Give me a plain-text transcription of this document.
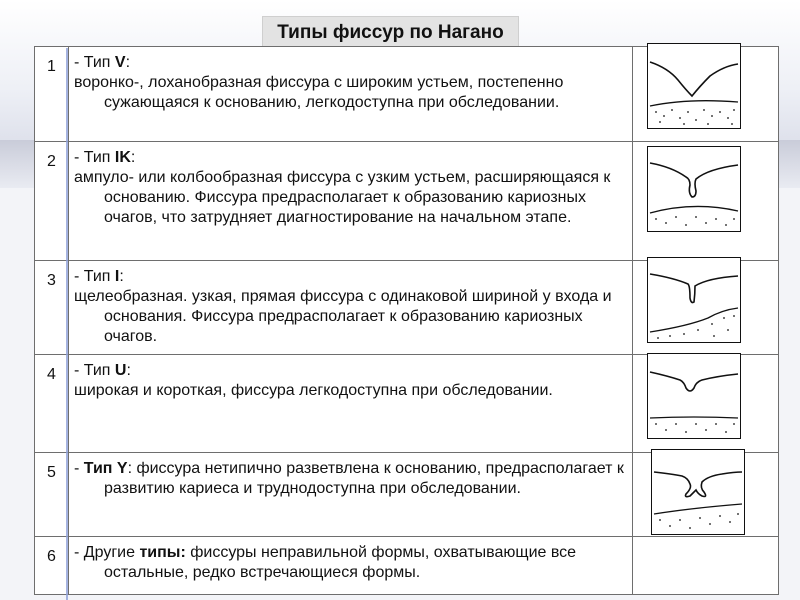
Типы фиссур по Нагано
1	- Тип V:

воронко-, лоханобразная фиссура с широким устьем, постепенно сужающаяся к основанию, легкодоступна при обследовании.

2	- Тип IK:

ампуло- или колбообразная фиссура с узким устьем, расширяющаяся к основанию. Фиссура предрасполагает к образованию кариозных очагов, что затрудняет диагностирование на начальном этапе.

3	- Тип I:

щелеобразная. узкая, прямая фиссура с одинаковой шириной у входа и основания. Фиссура предрасполагает к образованию кариозных очагов.

4	- Тип U:

широкая и короткая, фиссура легкодоступна при обследовании.

5	- Тип Y: фиссура нетипично разветвлена к основанию, предрасполагает к развитию кариеса и труднодоступна при обследовании.

6	- Другие типы: фиссуры неправильной формы, охватывающие все остальные, редко встречающиеся формы.	
